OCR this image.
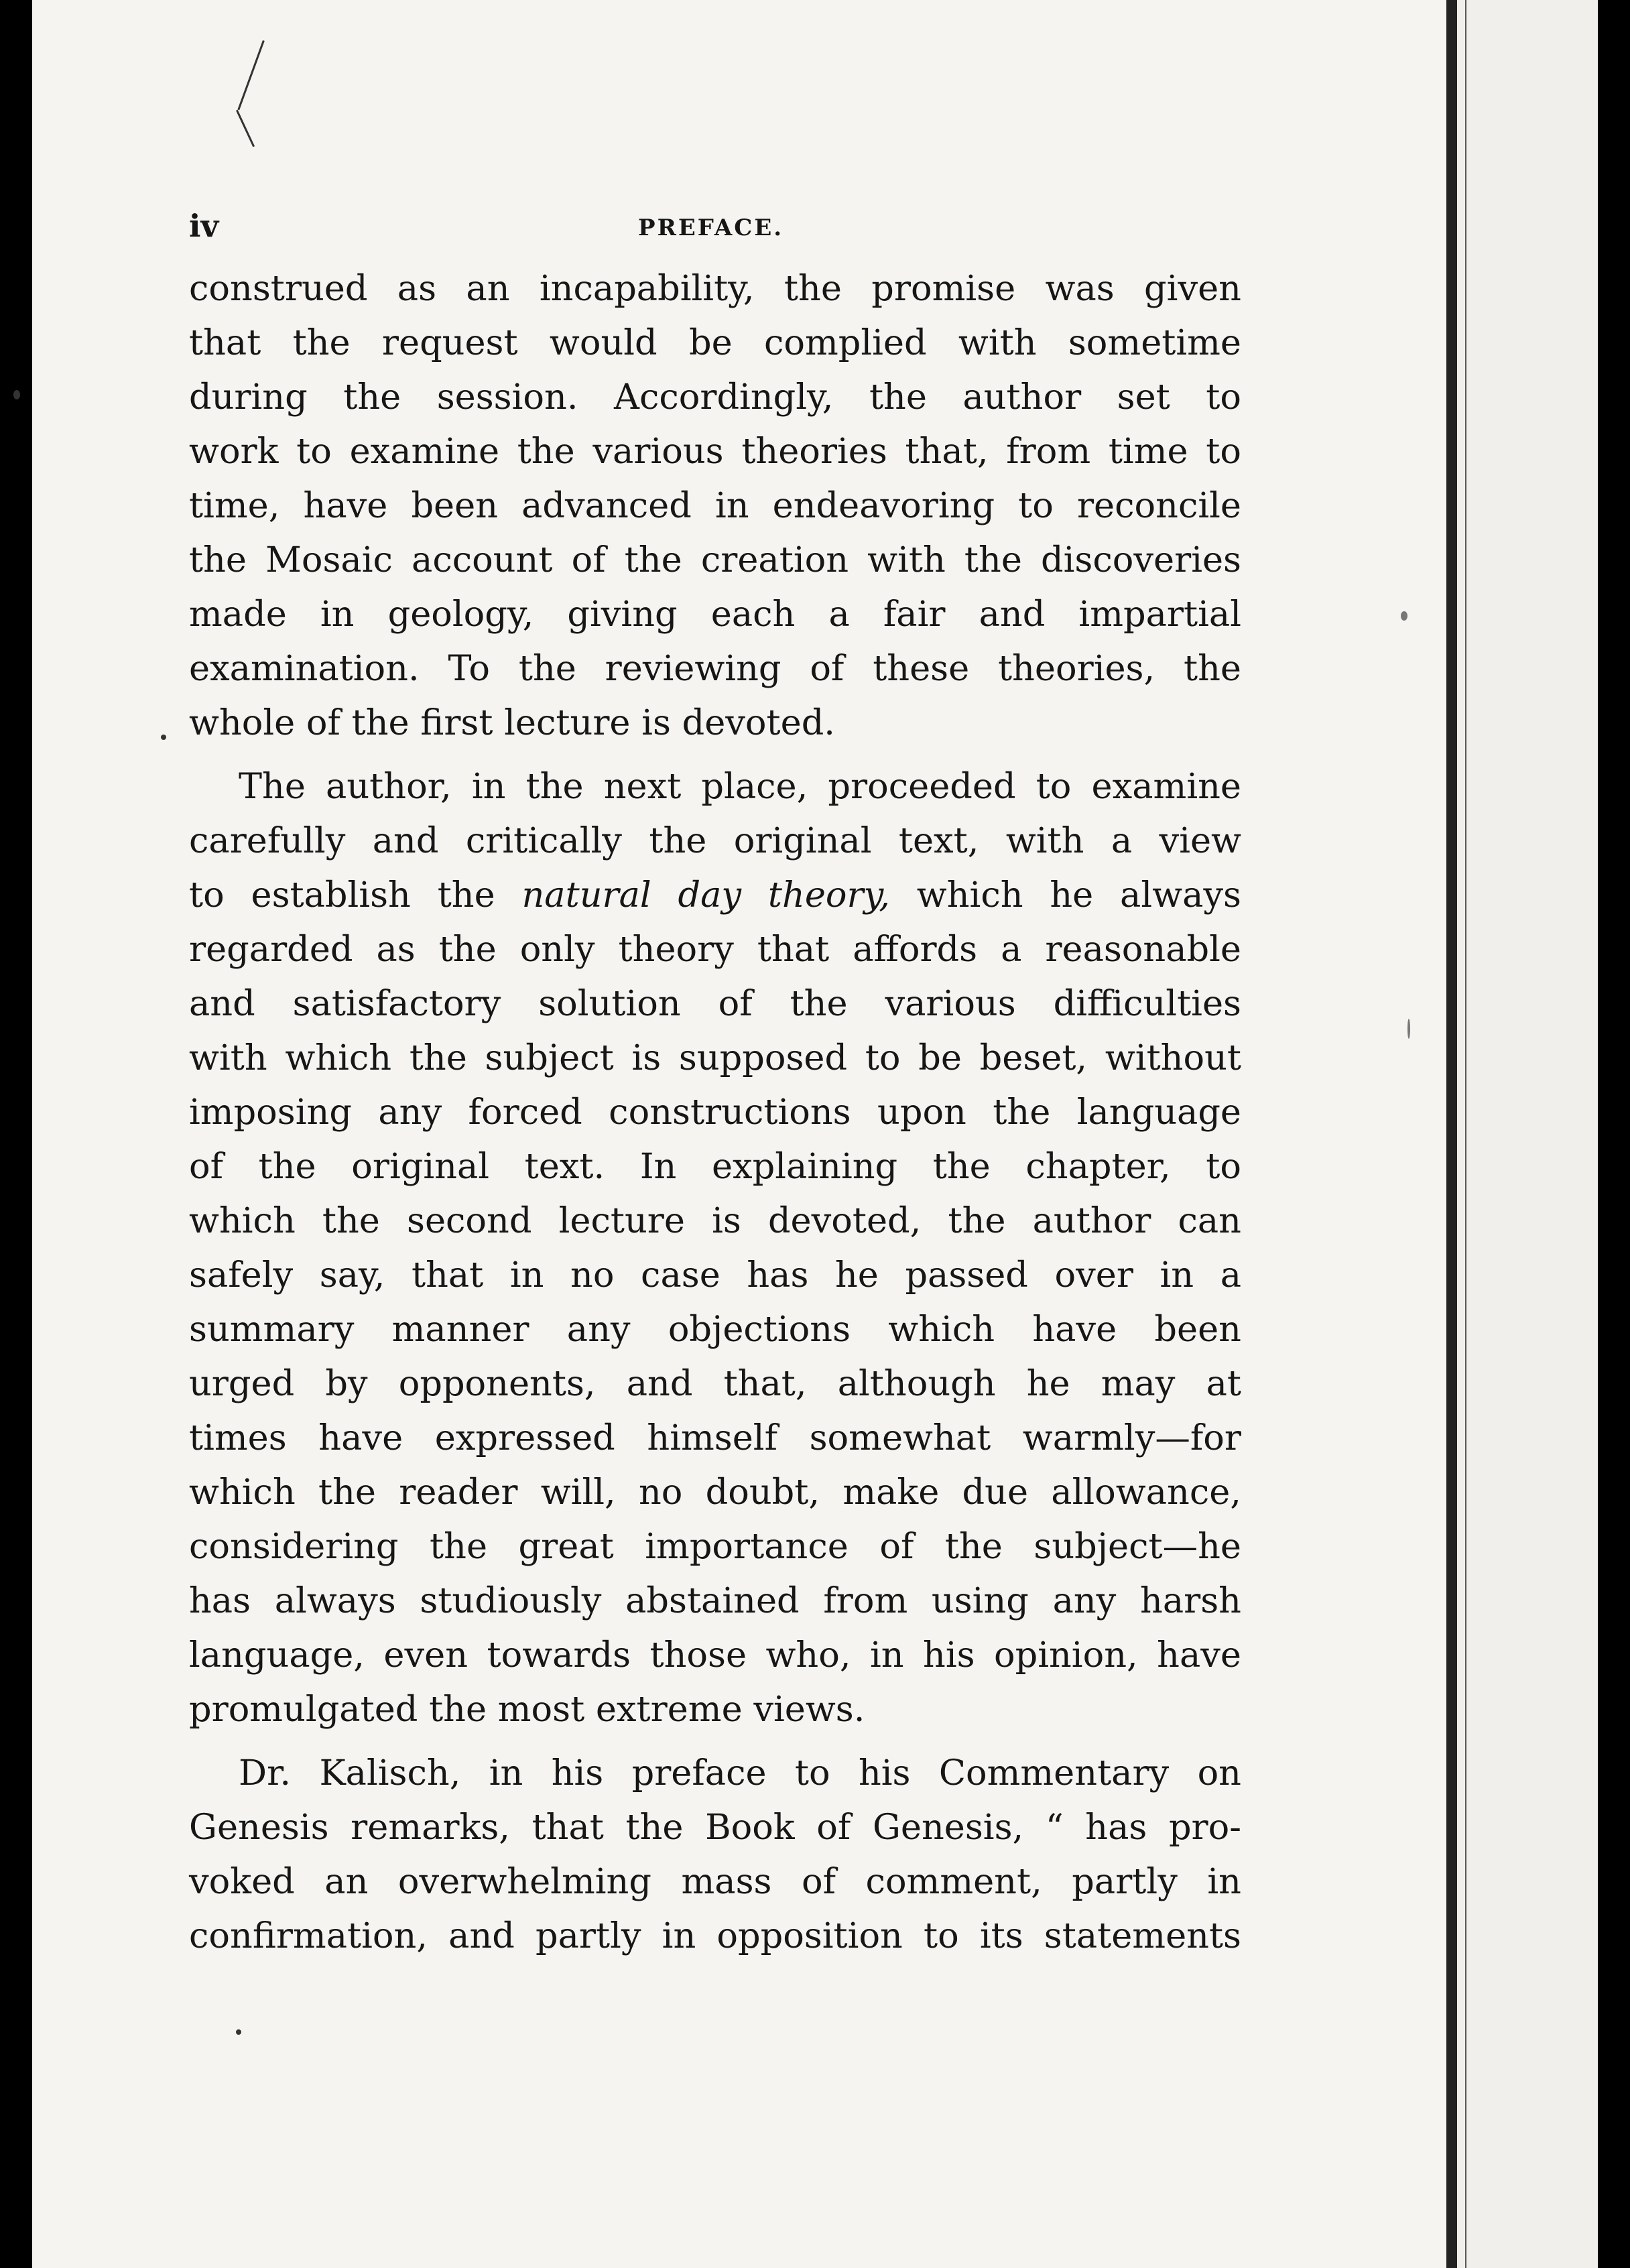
iv	PREFACE.
construed as an incapability, the promise was given
that the request would be complied with sometime
during the session. Accordingly, the author set to
work to examine the various theories that, from time to
time, have been advanced in endeavoring to reconcile
the Mosaic account of the creation with the discoveries
made in geology, giving each a fair and impartial
examination. To the reviewing of these theories, the
whole of the first lecture is devoted.
The author, in the next place, proceeded to examine
carefully and critically the original text, with a view
to establish the natural day theory, which he always
regarded as the only theory that affords a reasonable
and satisfactory solution of the various difficulties
with which the subject is supposed to be beset, without
imposing any forced constructions upon the language
of the original text. In explaining the chapter, to
which the second lecture is devoted, the author can
safely say, that in no case has he passed over in a
summary manner any objections which have been
urged by opponents, and that, although he may at
times have expressed himself somewhat warmly—for
which the reader will, no doubt, make due allowance,
considering the great importance of the subject—he
has always studiously abstained from using any harsh
language, even towards those who, in his opinion, have
promulgated the most extreme views.
Dr. Kalisch, in his preface to his Commentary on
Genesis remarks, that the Book of Genesis, “ has pro-
voked an overwhelming mass of comment, partly in
confirmation, and partly in opposition to its statements
